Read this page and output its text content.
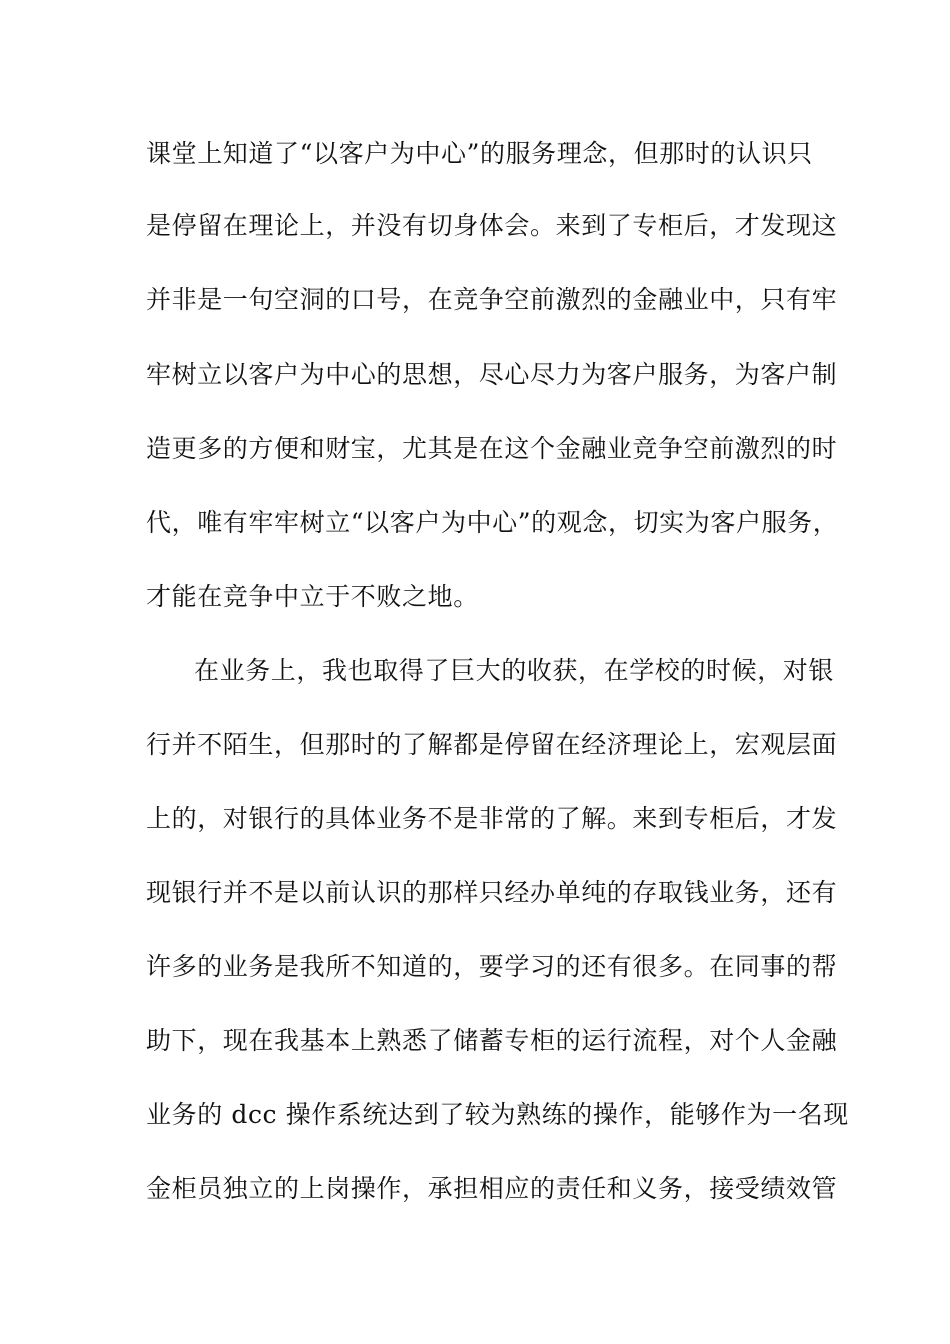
课堂上知道了“以客户为中心”的服务理念，但那时的认识只
是停留在理论上，并没有切身体会。来到了专柜后，才发现这
并非是一句空洞的口号，在竞争空前激烈的金融业中，只有牢
牢树立以客户为中心的思想，尽心尽力为客户服务，为客户制
造更多的方便和财宝，尤其是在这个金融业竞争空前激烈的时
代，唯有牢牢树立“以客户为中心”的观念，切实为客户服务，
才能在竞争中立于不败之地。
在业务上，我也取得了巨大的收获，在学校的时候，对银
行并不陌生，但那时的了解都是停留在经济理论上，宏观层面
上的，对银行的具体业务不是非常的了解。来到专柜后，才发
现银行并不是以前认识的那样只经办单纯的存取钱业务，还有
许多的业务是我所不知道的，要学习的还有很多。在同事的帮
助下，现在我基本上熟悉了储蓄专柜的运行流程，对个人金融
业务的 dcc 操作系统达到了较为熟练的操作，能够作为一名现
金柜员独立的上岗操作，承担相应的责任和义务，接受绩效管
